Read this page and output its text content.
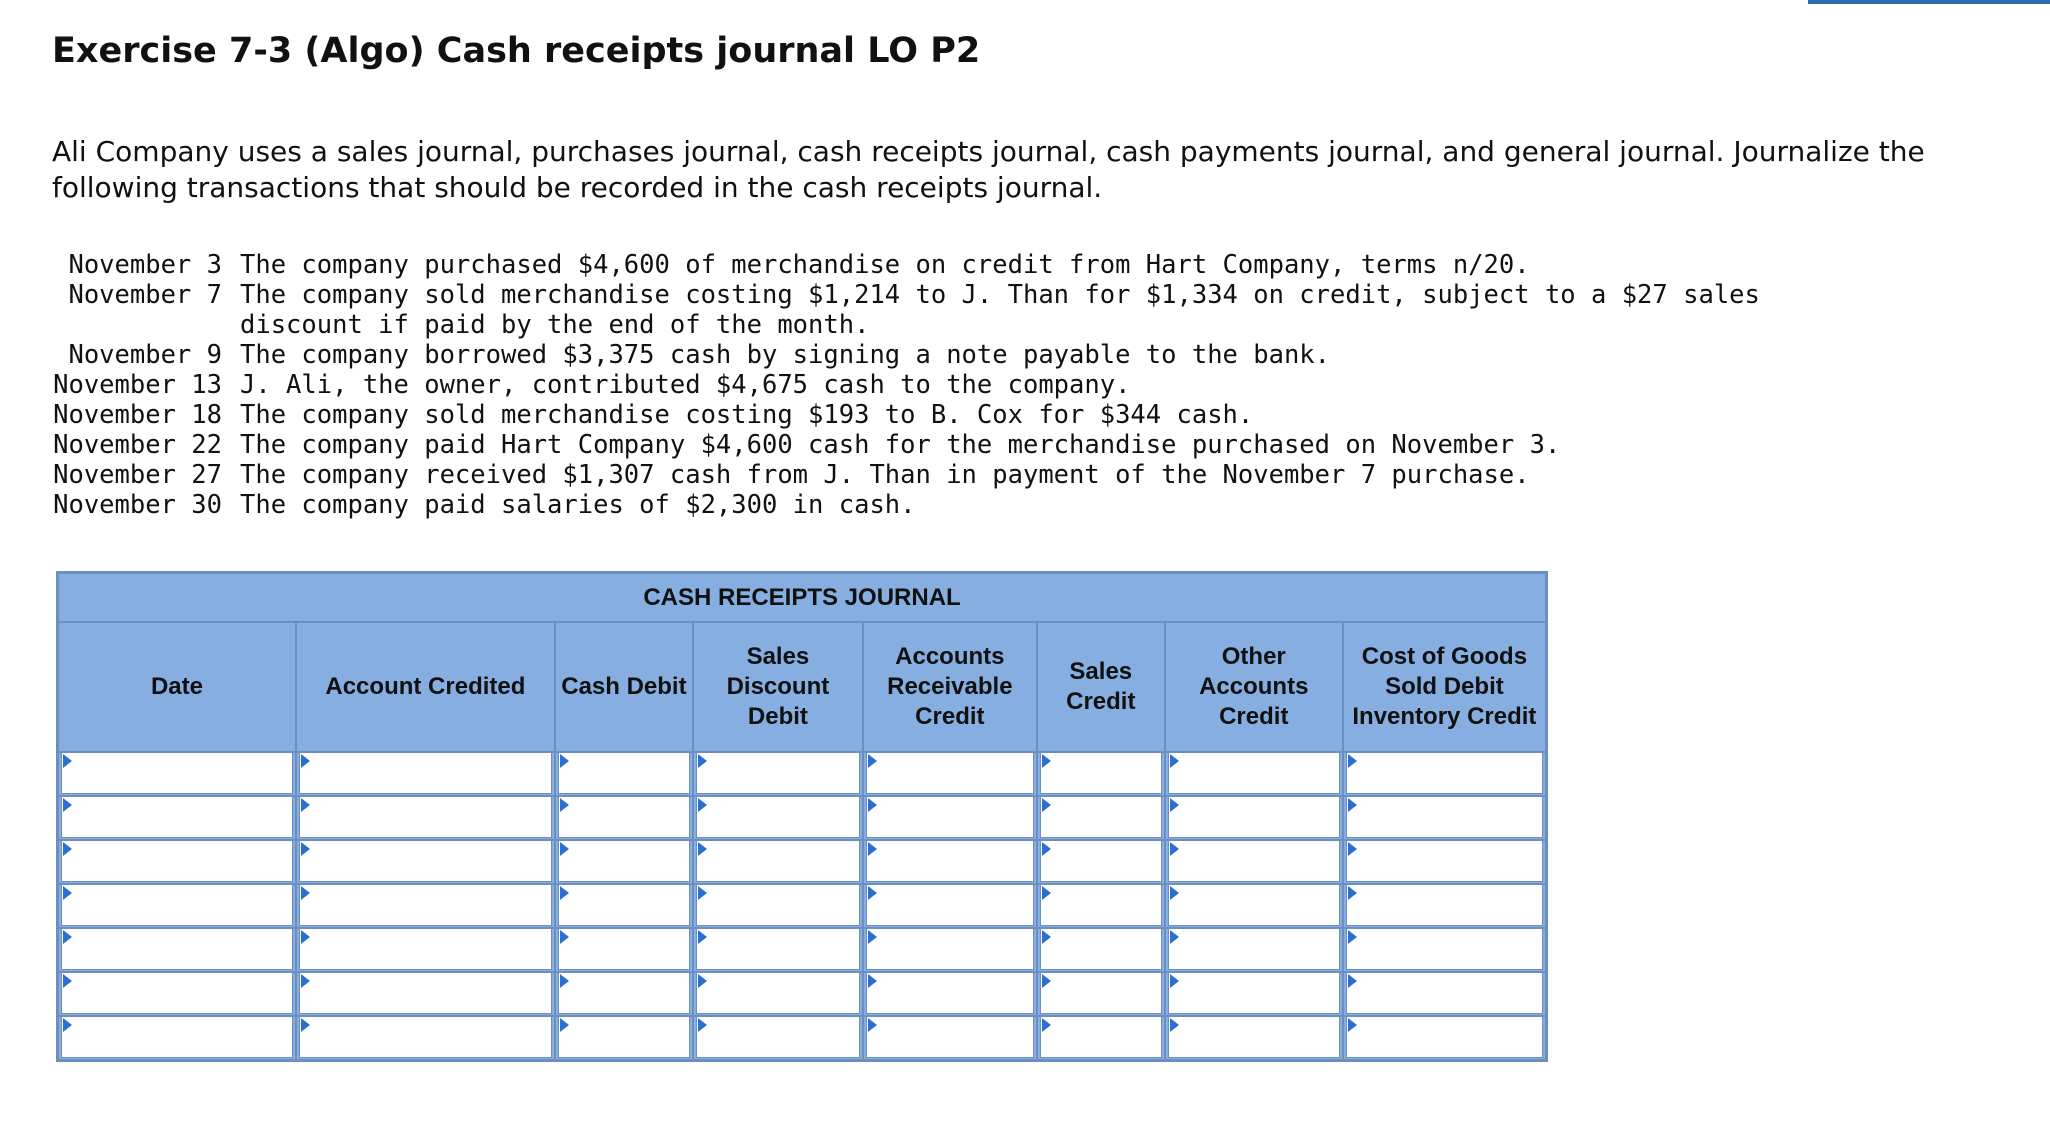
Exercise 7-3 (Algo) Cash receipts journal LO P2

Ali Company uses a sales journal, purchases journal, cash receipts journal, cash payments journal, and general journal. Journalize the following transactions that should be recorded in the cash receipts journal.

November 3 The company purchased $4,600 of merchandise on credit from Hart Company, terms n/20.
November 7 The company sold merchandise costing $1,214 to J. Than for $1,334 on credit, subject to a $27 sales discount if paid by the end of the month.
November 9 The company borrowed $3,375 cash by signing a note payable to the bank.
November 13 J. Ali, the owner, contributed $4,675 cash to the company.
November 18 The company sold merchandise costing $193 to B. Cox for $344 cash.
November 22 The company paid Hart Company $4,600 cash for the merchandise purchased on November 3.
November 27 The company received $1,307 cash from J. Than in payment of the November 7 purchase.
November 30 The company paid salaries of $2,300 in cash.
CASH RECEIPTS JOURNAL							
Date	Account Credited	Cash Debit	Sales Discount Debit	Accounts Receivable Credit	Sales Credit	Other Accounts Credit	Cost of Goods Sold Debit Inventory Credit
